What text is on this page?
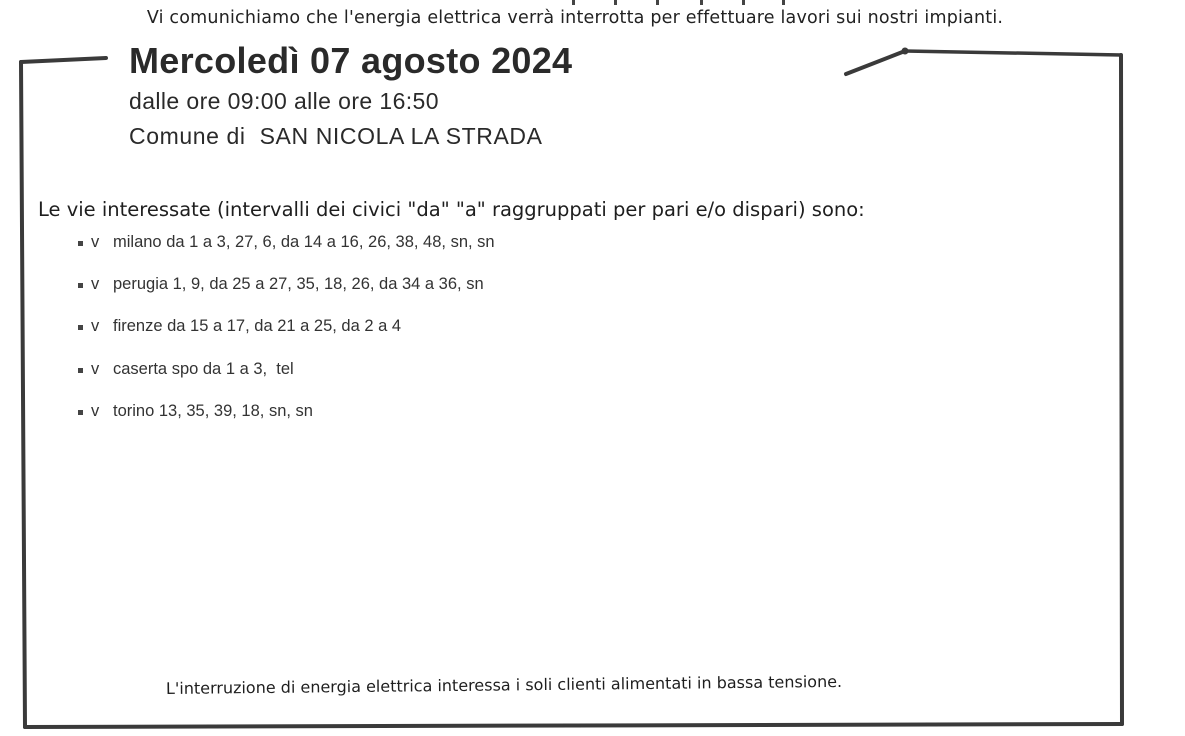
Vi comunichiamo che l'energia elettrica verrà interrotta per effettuare lavori sui nostri impianti.
Mercoledì 07 agosto 2024
dalle ore 09:00 alle ore 16:50
Comune di  SAN NICOLA LA STRADA
Le vie interessate (intervalli dei civici "da" "a" raggruppati per pari e/o dispari) sono:
v milano da 1 a 3, 27, 6, da 14 a 16, 26, 38, 48, sn, sn
v perugia 1, 9, da 25 a 27, 35, 18, 26, da 34 a 36, sn
v firenze da 15 a 17, da 21 a 25, da 2 a 4
v caserta spo da 1 a 3,  tel
v torino 13, 35, 39, 18, sn, sn
L'interruzione di energia elettrica interessa i soli clienti alimentati in bassa tensione.
